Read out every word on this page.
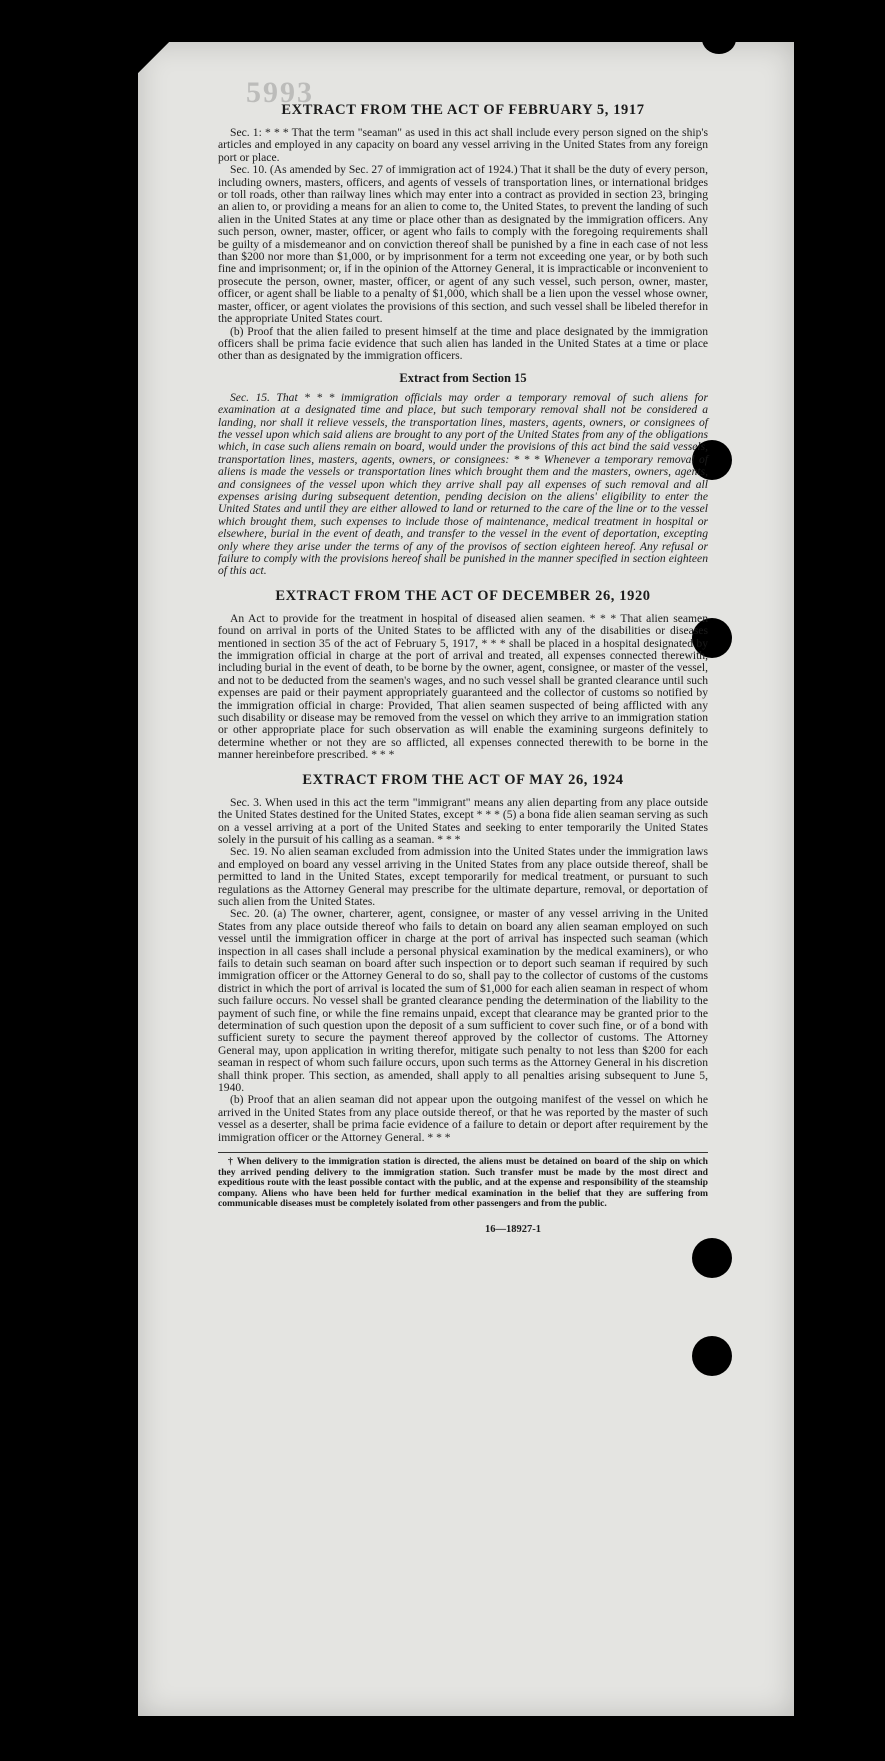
5993
EXTRACT FROM THE ACT OF FEBRUARY 5, 1917

Sec. 1: * * * That the term "seaman" as used in this act shall include every person signed on the ship's articles and employed in any capacity on board any vessel arriving in the United States from any foreign port or place.

Sec. 10. (As amended by Sec. 27 of immigration act of 1924.) That it shall be the duty of every person, including owners, masters, officers, and agents of vessels of transportation lines, or international bridges or toll roads, other than railway lines which may enter into a contract as provided in section 23, bringing an alien to, or providing a means for an alien to come to, the United States, to prevent the landing of such alien in the United States at any time or place other than as designated by the immigration officers. Any such person, owner, master, officer, or agent who fails to comply with the foregoing requirements shall be guilty of a misdemeanor and on conviction thereof shall be punished by a fine in each case of not less than $200 nor more than $1,000, or by imprisonment for a term not exceeding one year, or by both such fine and imprisonment; or, if in the opinion of the Attorney General, it is impracticable or inconvenient to prosecute the person, owner, master, officer, or agent of any such vessel, such person, owner, master, officer, or agent shall be liable to a penalty of $1,000, which shall be a lien upon the vessel whose owner, master, officer, or agent violates the provisions of this section, and such vessel shall be libeled therefor in the appropriate United States court.

(b) Proof that the alien failed to present himself at the time and place designated by the immigration officers shall be prima facie evidence that such alien has landed in the United States at a time or place other than as designated by the immigration officers.

Extract from Section 15

Sec. 15. That * * * immigration officials may order a temporary removal of such aliens for examination at a designated time and place, but such temporary removal shall not be considered a landing, nor shall it relieve vessels, the transportation lines, masters, agents, owners, or consignees of the vessel upon which said aliens are brought to any port of the United States from any of the obligations which, in case such aliens remain on board, would under the provisions of this act bind the said vessels, transportation lines, masters, agents, owners, or consignees: * * * Whenever a temporary removal of aliens is made the vessels or transportation lines which brought them and the masters, owners, agents, and consignees of the vessel upon which they arrive shall pay all expenses of such removal and all expenses arising during subsequent detention, pending decision on the aliens' eligibility to enter the United States and until they are either allowed to land or returned to the care of the line or to the vessel which brought them, such expenses to include those of maintenance, medical treatment in hospital or elsewhere, burial in the event of death, and transfer to the vessel in the event of deportation, excepting only where they arise under the terms of any of the provisos of section eighteen hereof. Any refusal or failure to comply with the provisions hereof shall be punished in the manner specified in section eighteen of this act.

EXTRACT FROM THE ACT OF DECEMBER 26, 1920

An Act to provide for the treatment in hospital of diseased alien seamen. * * * That alien seamen found on arrival in ports of the United States to be afflicted with any of the disabilities or diseases mentioned in section 35 of the act of February 5, 1917, * * * shall be placed in a hospital designated by the immigration official in charge at the port of arrival and treated, all expenses connected therewith, including burial in the event of death, to be borne by the owner, agent, consignee, or master of the vessel, and not to be deducted from the seamen's wages, and no such vessel shall be granted clearance until such expenses are paid or their payment appropriately guaranteed and the collector of customs so notified by the immigration official in charge: Provided, That alien seamen suspected of being afflicted with any such disability or disease may be removed from the vessel on which they arrive to an immigration station or other appropriate place for such observation as will enable the examining surgeons definitely to determine whether or not they are so afflicted, all expenses connected therewith to be borne in the manner hereinbefore prescribed. * * *

EXTRACT FROM THE ACT OF MAY 26, 1924

Sec. 3. When used in this act the term "immigrant" means any alien departing from any place outside the United States destined for the United States, except * * * (5) a bona fide alien seaman serving as such on a vessel arriving at a port of the United States and seeking to enter temporarily the United States solely in the pursuit of his calling as a seaman. * * *

Sec. 19. No alien seaman excluded from admission into the United States under the immigration laws and employed on board any vessel arriving in the United States from any place outside thereof, shall be permitted to land in the United States, except temporarily for medical treatment, or pursuant to such regulations as the Attorney General may prescribe for the ultimate departure, removal, or deportation of such alien from the United States.

Sec. 20. (a) The owner, charterer, agent, consignee, or master of any vessel arriving in the United States from any place outside thereof who fails to detain on board any alien seaman employed on such vessel until the immigration officer in charge at the port of arrival has inspected such seaman (which inspection in all cases shall include a personal physical examination by the medical examiners), or who fails to detain such seaman on board after such inspection or to deport such seaman if required by such immigration officer or the Attorney General to do so, shall pay to the collector of customs of the customs district in which the port of arrival is located the sum of $1,000 for each alien seaman in respect of whom such failure occurs. No vessel shall be granted clearance pending the determination of the liability to the payment of such fine, or while the fine remains unpaid, except that clearance may be granted prior to the determination of such question upon the deposit of a sum sufficient to cover such fine, or of a bond with sufficient surety to secure the payment thereof approved by the collector of customs. The Attorney General may, upon application in writing therefor, mitigate such penalty to not less than $200 for each seaman in respect of whom such failure occurs, upon such terms as the Attorney General in his discretion shall think proper. This section, as amended, shall apply to all penalties arising subsequent to June 5, 1940.

(b) Proof that an alien seaman did not appear upon the outgoing manifest of the vessel on which he arrived in the United States from any place outside thereof, or that he was reported by the master of such vessel as a deserter, shall be prima facie evidence of a failure to detain or deport after requirement by the immigration officer or the Attorney General. * * *

† When delivery to the immigration station is directed, the aliens must be detained on board of the ship on which they arrived pending delivery to the immigration station. Such transfer must be made by the most direct and expeditious route with the least possible contact with the public, and at the expense and responsibility of the steamship company. Aliens who have been held for further medical examination in the belief that they are suffering from communicable diseases must be completely isolated from other passengers and from the public.
16—18927-1
